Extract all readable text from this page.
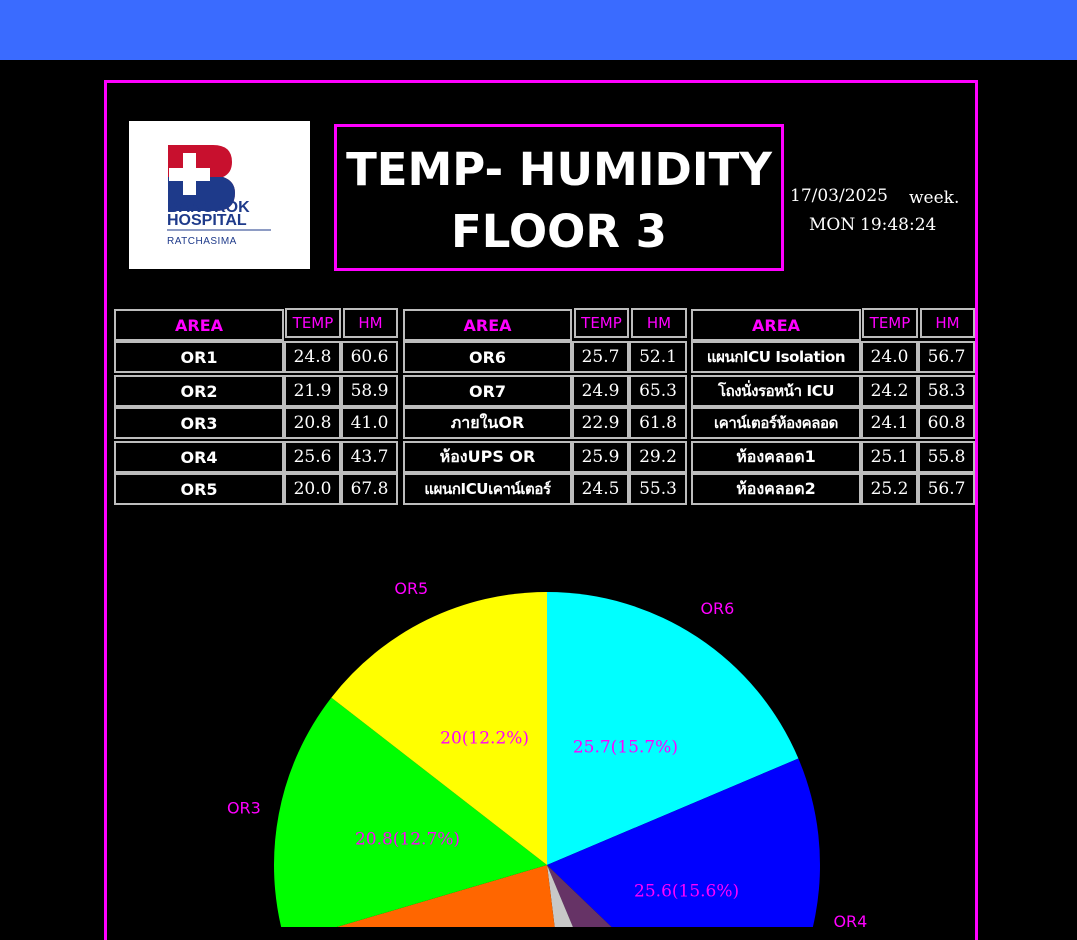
BANGKOK
HOSPITAL
RATCHASIMA
TEMP- HUMIDITY
FLOOR 3
17/03/2025 week.
MON 19:48:24
AREA	TEMP HM
OR1	24.8 60.6
OR2	21.9 58.9
OR3	20.8 41.0
OR4	25.6 43.7
OR5	20.0 67.8
AREA	TEMP HM
OR6	25.7 52.1
OR7	24.9 65.3
ภายในOR	22.9 61.8
ห้องUPS OR	25.9 29.2
แผนกICUเคาน์เตอร์ 24.5 55.3
AREA	TEMP HM
แผนกICU Isolation 24.0 56.7
โถงนั่งรอหน้า ICU 24.2 58.3
เคาน์เตอร์ห้องคลอด 24.1 60.8
ห้องคลอด1	25.1 55.8
ห้องคลอด2	25.2 56.7
25.7(15.7%)
OR6
25.6(15.6%)
OR4
20.8(12.7%)
OR3
20(12.2%)
OR5
